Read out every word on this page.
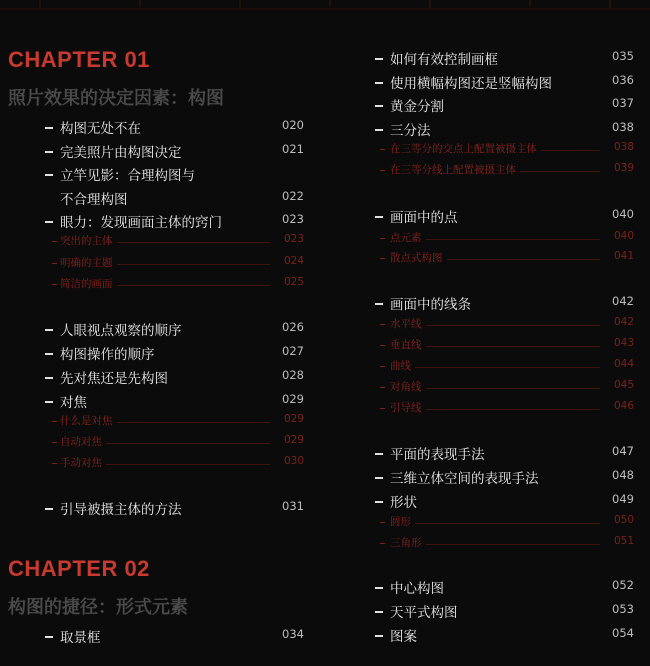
CHAPTER 01
照片效果的决定因素：构图
CHAPTER 02
构图的捷径：形式元素
构图无处不在	020
完美照片由构图决定	021
立竿见影：合理构图与
不合理构图	022
眼力：发现画面主体的窍门	023
突出的主体	023
明确的主题	024
简洁的画面	025
人眼视点观察的顺序	026
构图操作的顺序	027
先对焦还是先构图	028
对焦	029
什么是对焦	029
自动对焦	029
手动对焦	030
引导被摄主体的方法	031
取景框	034
如何有效控制画框	035
使用横幅构图还是竖幅构图	036
黄金分割	037
三分法	038
在三等分的交点上配置被摄主体	038
在三等分线上配置被摄主体	039
画面中的点	040
点元素	040
散点式构图	041
画面中的线条	042
水平线	042
垂直线	043
曲线	044
对角线	045
引导线	046
平面的表现手法	047
三维立体空间的表现手法	048
形状	049
圆形	050
三角形	051
中心构图	052
天平式构图	053
图案	054
